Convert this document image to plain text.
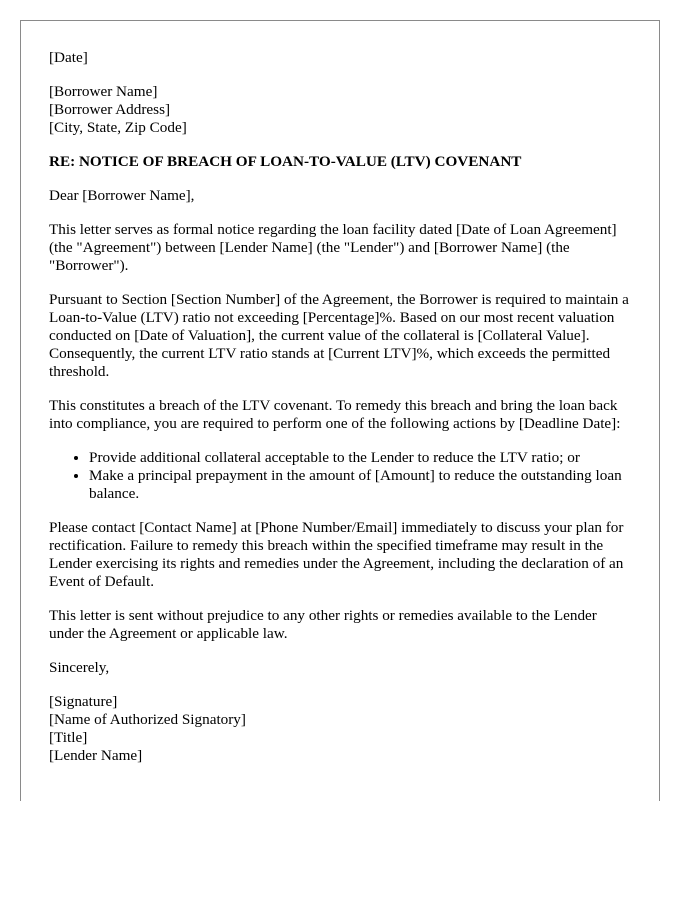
[Date]
[Borrower Name]
[Borrower Address]
[City, State, Zip Code]
RE: NOTICE OF BREACH OF LOAN-TO-VALUE (LTV) COVENANT

Dear [Borrower Name],

This letter serves as formal notice regarding the loan facility dated [Date of Loan Agreement] (the "Agreement") between [Lender Name] (the "Lender") and [Borrower Name] (the "Borrower").

Pursuant to Section [Section Number] of the Agreement, the Borrower is required to maintain a Loan-to-Value (LTV) ratio not exceeding [Percentage]%. Based on our most recent valuation conducted on [Date of Valuation], the current value of the collateral is [Collateral Value]. Consequently, the current LTV ratio stands at [Current LTV]%, which exceeds the permitted threshold.

This constitutes a breach of the LTV covenant. To remedy this breach and bring the loan back into compliance, you are required to perform one of the following actions by [Deadline Date]:

• Provide additional collateral acceptable to the Lender to reduce the LTV ratio; or
• Make a principal prepayment in the amount of [Amount] to reduce the outstanding loan balance.

Please contact [Contact Name] at [Phone Number/Email] immediately to discuss your plan for rectification. Failure to remedy this breach within the specified timeframe may result in the Lender exercising its rights and remedies under the Agreement, including the declaration of an Event of Default.

This letter is sent without prejudice to any other rights or remedies available to the Lender under the Agreement or applicable law.

Sincerely,

[Signature]
[Name of Authorized Signatory]
[Title]
[Lender Name]
